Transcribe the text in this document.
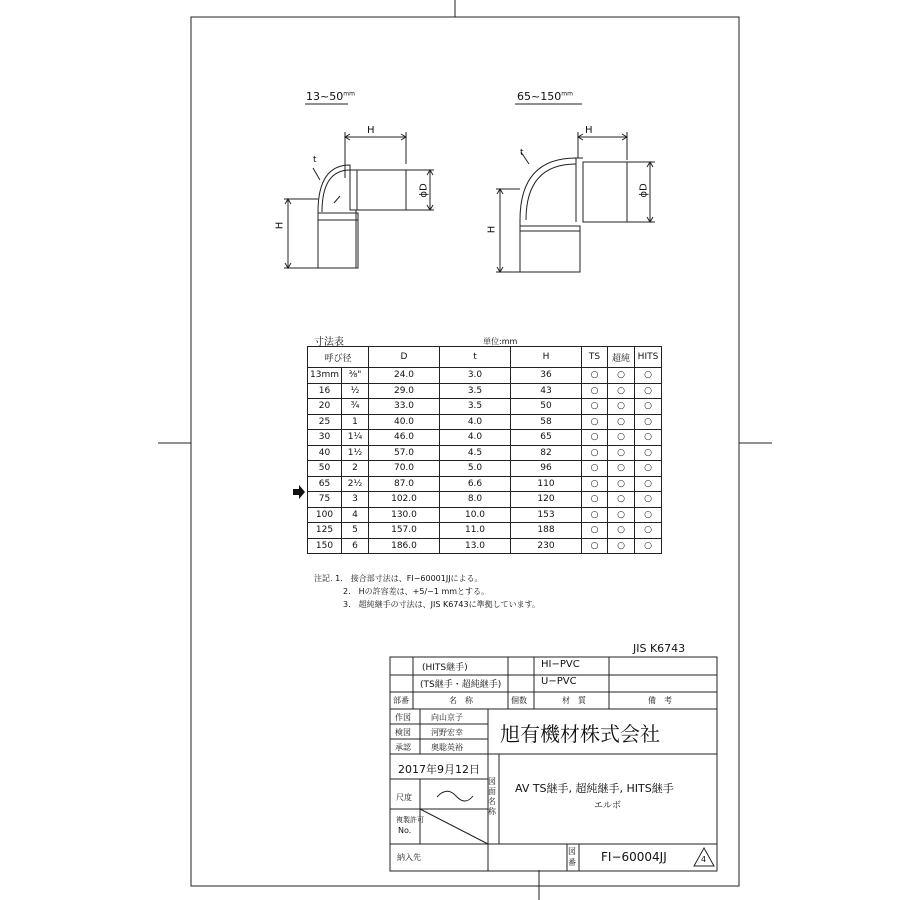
$13\sim 50^{mm}$	$65\sim 150^{mm}$
H
H
ϕD
t
H
H
ϕD
t
寸法表	単位:mm
呼び径		D	t	H	TS	超純	HITS
13mm	⅜"	24.0	3.0	36	○	○	○
16	½	29.0	3.5	43	○	○	○
20	¾	33.0	3.5	50	○	○	○
25	1	40.0	4.0	58	○	○	○
30	1¼	46.0	4.0	65	○	○	○
40	1½	57.0	4.5	82	○	○	○
50	2	70.0	5.0	96	○	○	○
65	2½	87.0	6.6	110	○	○	○
75	3	102.0	8.0	120	○	○	○
100	4	130.0	10.0	153	○	○	○
125	5	157.0	11.0	188	○	○	○
150	6	186.0	13.0	230	○	○	○
注記. 1.　接合部寸法は、FI−60001JJによる。
2.　Hの許容差は、+5/−1 mmとする。
3.　超純継手の寸法は、JIS K6743に準拠しています。
JIS K6743
(HITS継手)	HI−PVC
(TS継手・超純継手)	U−PVC
部番	名　称	個数	材　質	備　考
作図	向山京子
検図	河野宏幸
承認	奥聡英裕
旭有機材株式会社
2017年9月12日
尺度
図面名称
AV TS継手, 超純継手, HITS継手
エルボ
複製許可
No.
納入先
図番 FI−60004JJ	4
